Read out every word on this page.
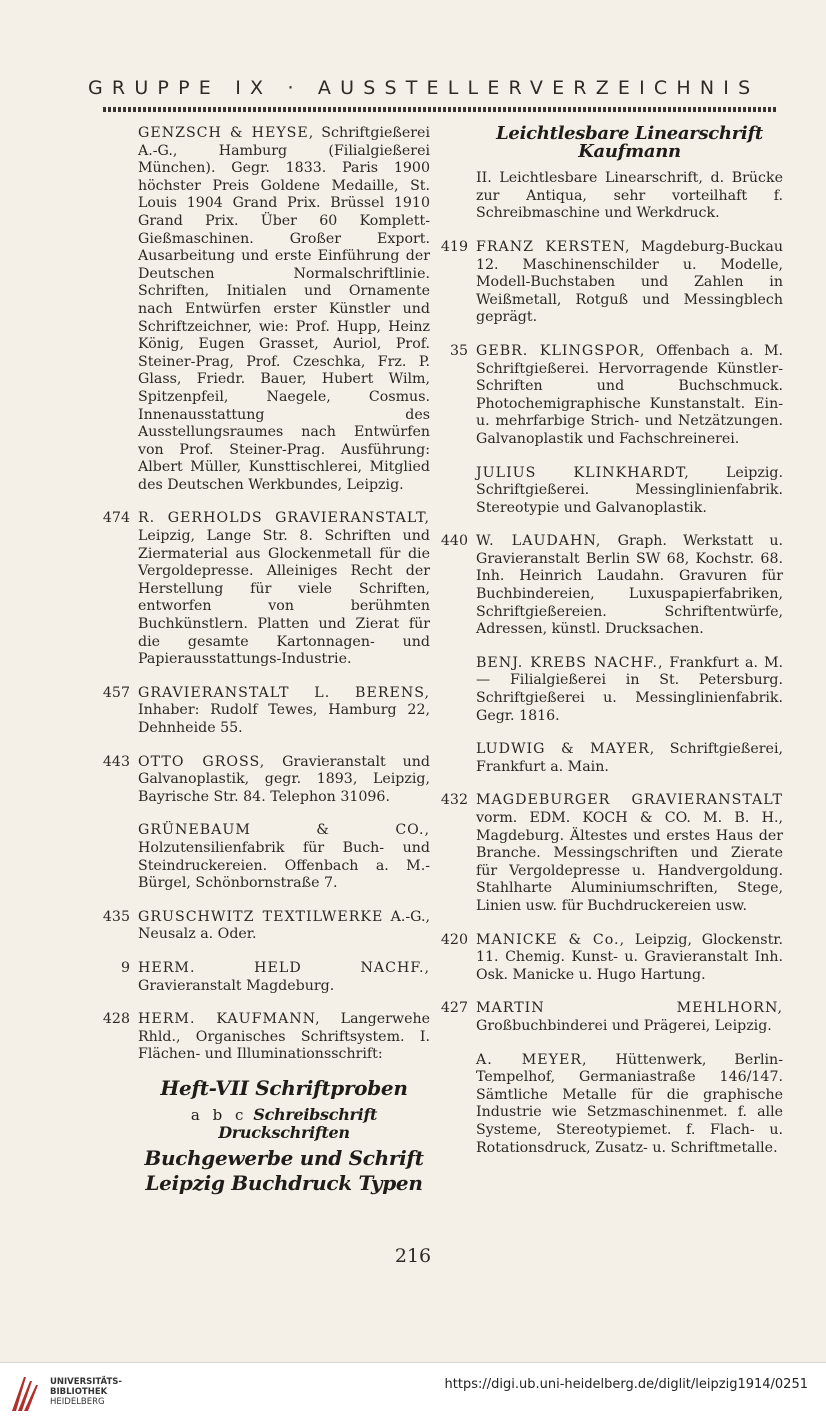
GRUPPE IX · AUSSTELLERVERZEICHNIS
GENZSCH & HEYSE, Schriftgießerei A.-G., Hamburg (Filialgießerei München). Gegr. 1833. Paris 1900 höchster Preis Goldene Medaille, St. Louis 1904 Grand Prix. Brüssel 1910 Grand Prix. Über 60 Komplett-Gießmaschinen. Großer Export. Ausarbeitung und erste Einführung der Deutschen Normalschriftlinie. Schriften, Initialen und Ornamente nach Entwürfen erster Künstler und Schriftzeichner, wie: Prof. Hupp, Heinz König, Eugen Grasset, Auriol, Prof. Steiner-Prag, Prof. Czeschka, Frz. P. Glass, Friedr. Bauer, Hubert Wilm, Spitzenpfeil, Naegele, Cosmus. Innenausstattung des Ausstellungsraumes nach Entwürfen von Prof. Steiner-Prag. Ausführung: Albert Müller, Kunsttischlerei, Mitglied des Deutschen Werkbundes, Leipzig.
474 R. GERHOLDS GRAVIERANSTALT, Leipzig, Lange Str. 8. Schriften und Ziermaterial aus Glockenmetall für die Vergoldepresse. Alleiniges Recht der Herstellung für viele Schriften, entworfen von berühmten Buchkünstlern. Platten und Zierat für die gesamte Kartonnagen- und Papierausstattungs-Industrie.
457 GRAVIERANSTALT L. BERENS, Inhaber: Rudolf Tewes, Hamburg 22, Dehnheide 55.
443 OTTO GROSS, Gravieranstalt und Galvanoplastik, gegr. 1893, Leipzig, Bayrische Str. 84. Telephon 31096.
GRÜNEBAUM & CO., Holzutensilienfabrik für Buch- und Steindruckereien. Offenbach a. M.-Bürgel, Schönbornstraße 7.
435 GRUSCHWITZ TEXTILWERKE A.-G., Neusalz a. Oder.
9 HERM. HELD NACHF., Gravieranstalt Magdeburg.
428 HERM. KAUFMANN, Langerwehe Rhld., Organisches Schriftsystem. I. Flächen- und Illuminationsschrift:
Heft-VII Schriftproben
a b c Schreibschrift Druckschriften
Buchgewerbe und Schrift
Leipzig Buchdruck Typen
Leichtlesbare Linearschrift Kaufmann
II. Leichtlesbare Linearschrift, d. Brücke zur Antiqua, sehr vorteilhaft f. Schreibmaschine und Werkdruck.
419 FRANZ KERSTEN, Magdeburg-Buckau 12. Maschinenschilder u. Modelle, Modell-Buchstaben und Zahlen in Weißmetall, Rotguß und Messingblech geprägt.
35 GEBR. KLINGSPOR, Offenbach a. M. Schriftgießerei. Hervorragende Künstler-Schriften und Buchschmuck. Photochemigraphische Kunstanstalt. Ein- u. mehrfarbige Strich- und Netzätzungen. Galvanoplastik und Fachschreinerei.
JULIUS KLINKHARDT, Leipzig. Schriftgießerei. Messinglinienfabrik. Stereotypie und Galvanoplastik.
440 W. LAUDAHN, Graph. Werkstatt u. Gravieranstalt Berlin SW 68, Kochstr. 68. Inh. Heinrich Laudahn. Gravuren für Buchbindereien, Luxuspapierfabriken, Schriftgießereien. Schriftentwürfe, Adressen, künstl. Drucksachen.
BENJ. KREBS NACHF., Frankfurt a. M. — Filialgießerei in St. Petersburg. Schriftgießerei u. Messinglinienfabrik. Gegr. 1816.
LUDWIG & MAYER, Schriftgießerei, Frankfurt a. Main.
432 MAGDEBURGER GRAVIERANSTALT vorm. EDM. KOCH & CO. M. B. H., Magdeburg. Ältestes und erstes Haus der Branche. Messingschriften und Zierate für Vergoldepresse u. Handvergoldung. Stahlharte Aluminiumschriften, Stege, Linien usw. für Buchdruckereien usw.
420 MANICKE & Co., Leipzig, Glockenstr. 11. Chemig. Kunst- u. Gravieranstalt Inh. Osk. Manicke u. Hugo Hartung.
427 MARTIN MEHLHORN, Großbuchbinderei und Prägerei, Leipzig.
A. MEYER, Hüttenwerk, Berlin-Tempelhof, Germaniastraße 146/147. Sämtliche Metalle für die graphische Industrie wie Setzmaschinenmet. f. alle Systeme, Stereotypiemet. f. Flach- u. Rotationsdruck, Zusatz- u. Schriftmetalle.
216
UNIVERSITÄTS-
BIBLIOTHEK
HEIDELBERG
https://digi.ub.uni-heidelberg.de/diglit/leipzig1914/0251
